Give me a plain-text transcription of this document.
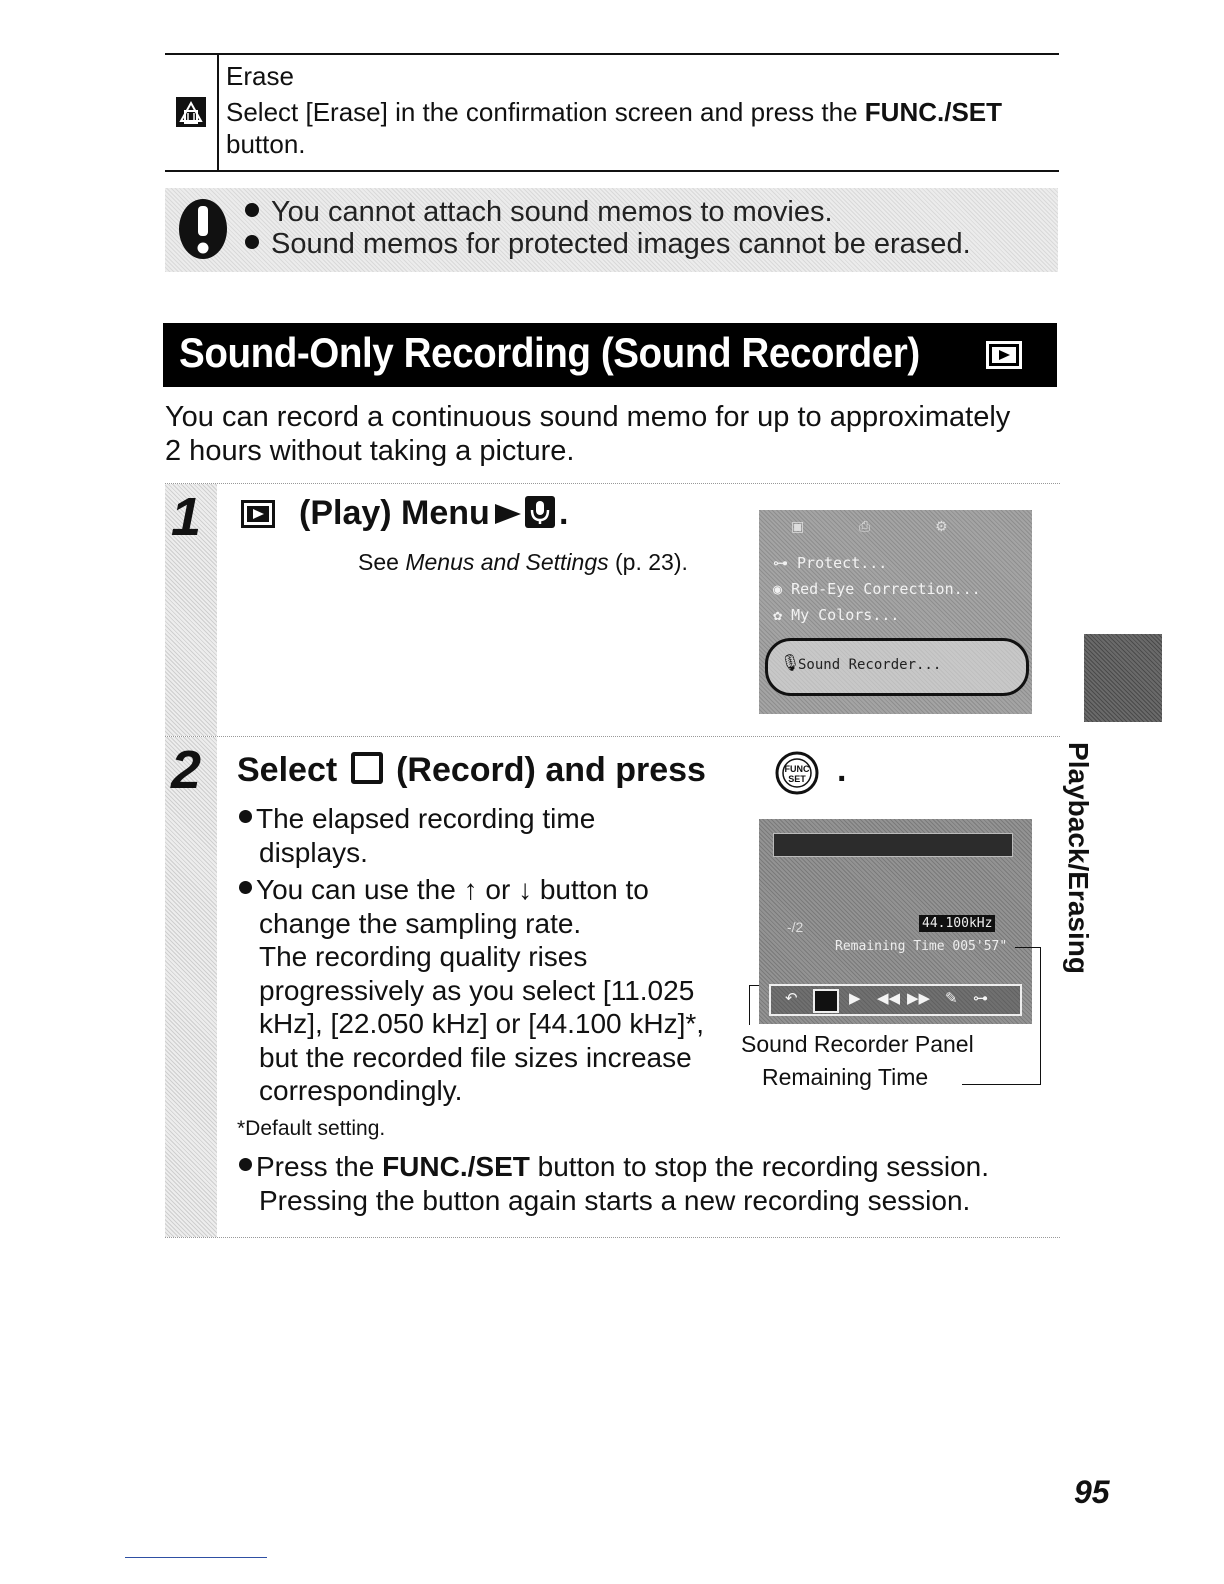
Erase
Select [Erase] in the confirmation screen and press the FUNC./SET button.
You cannot attach sound memos to movies.
Sound memos for protected images cannot be erased.
Sound-Only Recording (Sound Recorder)
You can record a continuous sound memo for up to approximately
2 hours without taking a picture.
1	(Play) Menu .
See Menus and Settings (p. 23).
▣	⎙	⚙
⊶ Protect...
◉ Red-Eye Correction...
✿ My Colors...
🎙
Sound Recorder...
2 Select (Record) and press	FUNC
SET .
The elapsed recording time
displays.
You can use the ↑ or ↓ button to
change the sampling rate.
The recording quality rises
progressively as you select [11.025
kHz], [22.050 kHz] or [44.100 kHz]*,
but the recorded file sizes increase
correspondingly.
*Default setting.
Press the FUNC./SET button to stop the recording session.
Pressing the button again starts a new recording session.
-/2	44.100kHz
Remaining Time 005'57"
↶	▶ ◀◀ ▶▶ ✎ ⊶
Sound Recorder Panel
Remaining Time
Playback/Erasing
95
